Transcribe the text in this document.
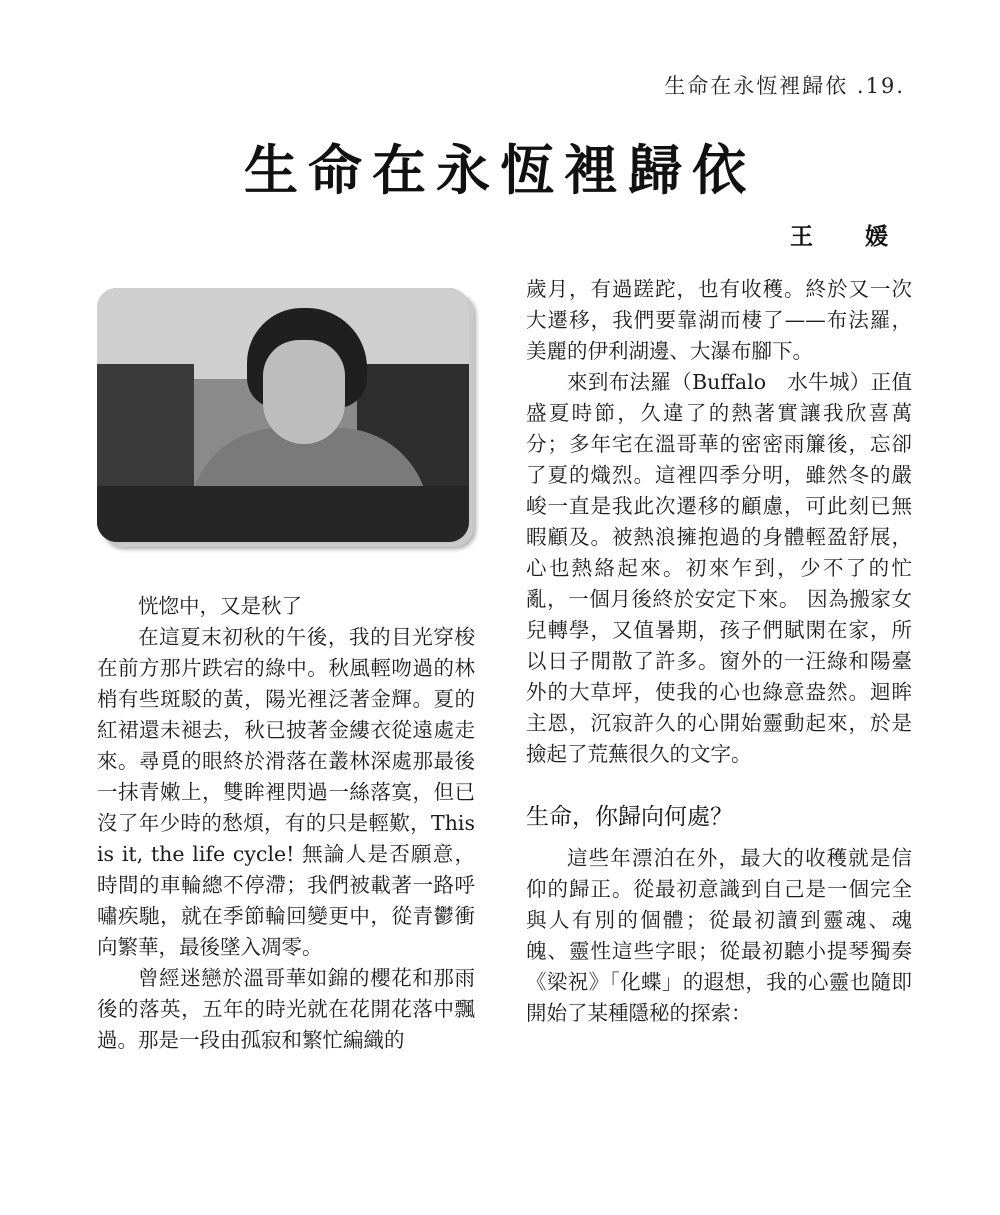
生命在永恆裡歸依 .19.
生命在永恆裡歸依
王 媛

恍惚中，又是秋了

在這夏末初秋的午後，我的目光穿梭在前方那片跌宕的綠中。秋風輕吻過的林梢有些斑駁的黃，陽光裡泛著金輝。夏的紅裙還未褪去，秋已披著金縷衣從遠處走來。尋覓的眼終於滑落在叢林深處那最後一抹青嫩上，雙眸裡閃過一絲落寞，但已沒了年少時的愁煩，有的只是輕歎，This is it, the life cycle! 無論人是否願意，時間的車輪總不停滯；我們被載著一路呼嘯疾馳，就在季節輪回變更中，從青鬱衝向繁華，最後墜入凋零。

曾經迷戀於溫哥華如錦的櫻花和那雨後的落英，五年的時光就在花開花落中飄過。那是一段由孤寂和繁忙編織的

歲月，有過蹉跎，也有收穫。終於又一次大遷移，我們要靠湖而棲了——布法羅，美麗的伊利湖邊、大瀑布腳下。

來到布法羅（Buffalo　水牛城）正值盛夏時節，久違了的熱著實讓我欣喜萬分；多年宅在溫哥華的密密雨簾後，忘卻了夏的熾烈。這裡四季分明，雖然冬的嚴峻一直是我此次遷移的顧慮，可此刻已無暇顧及。被熱浪擁抱過的身體輕盈舒展，心也熱絡起來。初來乍到，少不了的忙亂，一個月後終於安定下來。 因為搬家女兒轉學，又值暑期，孩子們賦閑在家，所以日子閒散了許多。窗外的一汪綠和陽臺外的大草坪，使我的心也綠意盎然。迴眸主恩，沉寂許久的心開始靈動起來，於是撿起了荒蕪很久的文字。

生命，你歸向何處？

這些年漂泊在外，最大的收穫就是信仰的歸正。從最初意識到自己是一個完全與人有別的個體；從最初讀到靈魂、魂魄、靈性這些字眼；從最初聽小提琴獨奏《梁祝》「化蝶」的遐想，我的心靈也隨即開始了某種隱秘的探索：
